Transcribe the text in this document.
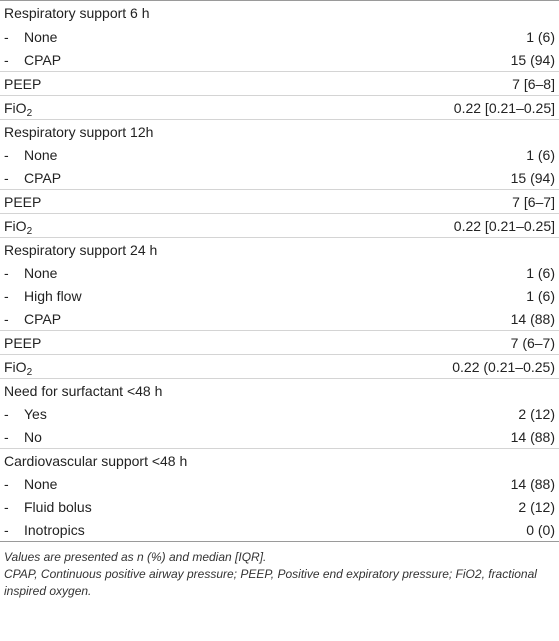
Respiratory support 6 h	
- None	1 (6)
- CPAP	15 (94)
PEEP	7 [6–8]
FiO$_2$	0.22 [0.21–0.25]
Respiratory support 12h	
- None	1 (6)
- CPAP	15 (94)
PEEP	7 [6–7]
FiO$_2$	0.22 [0.21–0.25]
Respiratory support 24 h	
- None	1 (6)
- High flow	1 (6)
- CPAP	14 (88)
PEEP	7 (6–7)
FiO$_2$	0.22 (0.21–0.25)
Need for surfactant <48 h	
- Yes	2 (12)
- No	14 (88)
Cardiovascular support <48 h	
- None	14 (88)
- Fluid bolus	2 (12)
- Inotropics	0 (0)

Values are presented as n (%) and median [IQR].

CPAP, Continuous positive airway pressure; PEEP, Positive end expiratory pressure; FiO2, fractional inspired oxygen.
